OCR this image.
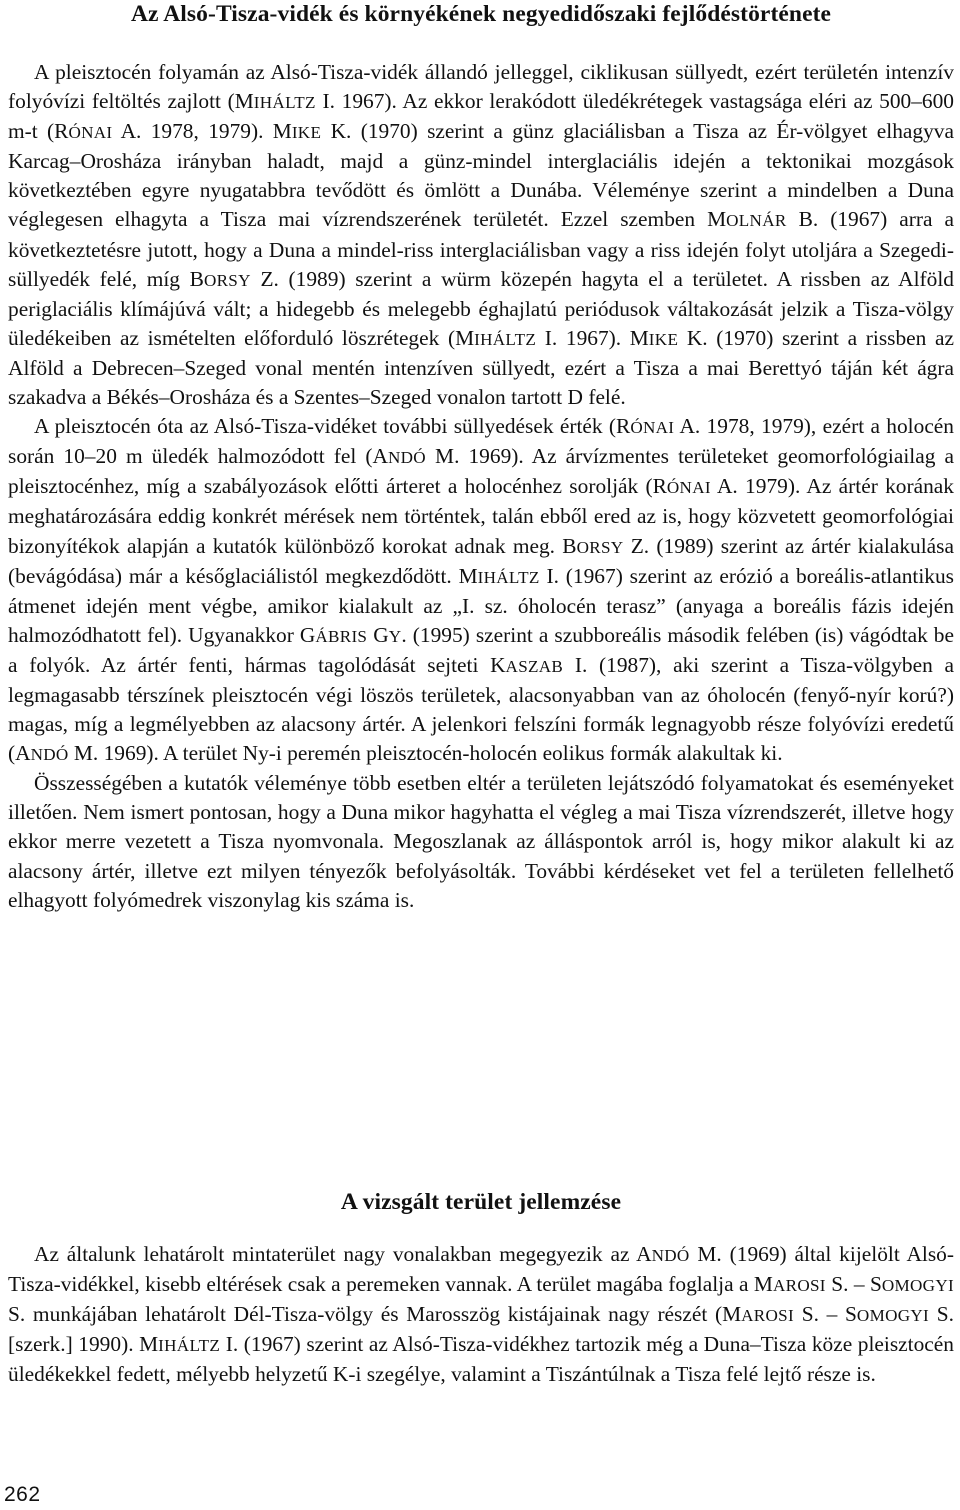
Az Alsó-Tisza-vidék és környékének negyedidőszaki fejlődéstörténete

A pleisztocén folyamán az Alsó-Tisza-vidék állandó jelleggel, ciklikusan süllyedt, ezért területén intenzív folyóvízi feltöltés zajlott (MIHÁLTZ I. 1967). Az ekkor lerakódott üledékrétegek vastagsága eléri az 500–600 m-t (RÓNAI A. 1978, 1979). MIKE K. (1970) szerint a günz glaciálisban a Tisza az Ér-völgyet elhagyva Karcag–Orosháza irányban haladt, majd a günz-mindel interglaciális idején a tektonikai mozgások következtében egyre nyugatabbra tevődött és ömlött a Dunába. Véleménye szerint a mindelben a Duna véglegesen elhagyta a Tisza mai vízrendszerének területét. Ezzel szemben MOLNÁR B. (1967) arra a következtetésre jutott, hogy a Duna a mindel-riss interglaciálisban vagy a riss idején folyt utoljára a Szegedi-süllyedék felé, míg BORSY Z. (1989) szerint a würm közepén hagyta el a területet. A rissben az Alföld periglaciális klímájúvá vált; a hidegebb és melegebb éghajlatú periódusok váltakozását jelzik a Tisza-völgy üledékeiben az ismételten előforduló löszrétegek (MIHÁLTZ I. 1967). MIKE K. (1970) szerint a rissben az Alföld a Debrecen–Szeged vonal mentén intenzíven süllyedt, ezért a Tisza a mai Berettyó táján két ágra szakadva a Békés–Orosháza és a Szentes–Szeged vonalon tartott D felé.

A pleisztocén óta az Alsó-Tisza-vidéket további süllyedések érték (RÓNAI A. 1978, 1979), ezért a holocén során 10–20 m üledék halmozódott fel (ANDÓ M. 1969). Az árvízmentes területeket geomorfológiailag a pleisztocénhez, míg a szabályozások előtti árteret a holocénhez sorolják (RÓNAI A. 1979). Az ártér korának meghatározására eddig konkrét mérések nem történtek, talán ebből ered az is, hogy közvetett geomorfológiai bizonyítékok alapján a kutatók különböző korokat adnak meg. BORSY Z. (1989) szerint az ártér kialakulása (bevágódása) már a későglaciálistól megkezdődött. MIHÁLTZ I. (1967) szerint az erózió a boreális-atlantikus átmenet idején ment végbe, amikor kialakult az „I. sz. óholocén terasz” (anyaga a boreális fázis idején halmozódhatott fel). Ugyanakkor GÁBRIS GY. (1995) szerint a szubboreális második felében (is) vágódtak be a folyók. Az ártér fenti, hármas tagolódását sejteti KASZAB I. (1987), aki szerint a Tisza-völgyben a legmagasabb térszínek pleisztocén végi löszös területek, alacsonyabban van az óholocén (fenyő-nyír korú?) magas, míg a legmélyebben az alacsony ártér. A jelenkori felszíni formák legnagyobb része folyóvízi eredetű (ANDÓ M. 1969). A terület Ny-i peremén pleisztocén-holocén eolikus formák alakultak ki.

Összességében a kutatók véleménye több esetben eltér a területen lejátszódó folyamatokat és eseményeket illetően. Nem ismert pontosan, hogy a Duna mikor hagyhatta el végleg a mai Tisza vízrendszerét, illetve hogy ekkor merre vezetett a Tisza nyomvonala. Megoszlanak az álláspontok arról is, hogy mikor alakult ki az alacsony ártér, illetve ezt milyen tényezők befolyásolták. További kérdéseket vet fel a területen fellelhető elhagyott folyómedrek viszonylag kis száma is.

A vizsgált terület jellemzése

Az általunk lehatárolt mintaterület nagy vonalakban megegyezik az ANDÓ M. (1969) által kijelölt Alsó-Tisza-vidékkel, kisebb eltérések csak a peremeken vannak. A terület magába foglalja a MAROSI S. – SOMOGYI S. munkájában lehatárolt Dél-Tisza-völgy és Marosszög kistájainak nagy részét (MAROSI S. – SOMOGYI S. [szerk.] 1990). MIHÁLTZ I. (1967) szerint az Alsó-Tisza-vidékhez tartozik még a Duna–Tisza köze pleisztocén üledékekkel fedett, mélyebb helyzetű K-i szegélye, valamint a Tiszántúlnak a Tisza felé lejtő része is.

262
